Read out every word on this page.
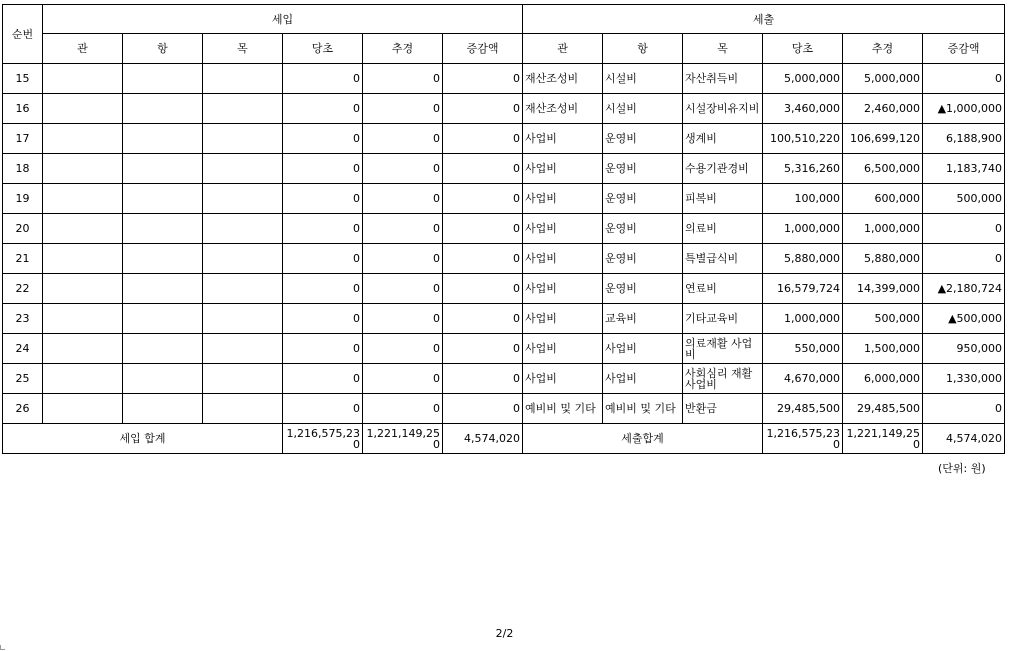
순번	세입						세출					
	관	항	목	당초	추경	증감액	관	항	목	당초	추경	증감액
15				0	0	0	재산조성비	시설비	자산취득비	5,000,000	5,000,000	0
16				0	0	0	재산조성비	시설비	시설장비유지비	3,460,000	2,460,000	▲1,000,000
17				0	0	0	사업비	운영비	생계비	100,510,220	106,699,120	6,188,900
18				0	0	0	사업비	운영비	수용기관경비	5,316,260	6,500,000	1,183,740
19				0	0	0	사업비	운영비	피복비	100,000	600,000	500,000
20				0	0	0	사업비	운영비	의료비	1,000,000	1,000,000	0
21				0	0	0	사업비	운영비	특별급식비	5,880,000	5,880,000	0
22				0	0	0	사업비	운영비	연료비	16,579,724	14,399,000	▲2,180,724
23				0	0	0	사업비	교육비	기타교육비	1,000,000	500,000	▲500,000
24				0	0	0	사업비	사업비	의료재활 사업비	550,000	1,500,000	950,000
25				0	0	0	사업비	사업비	사회심리 재활 사업비	4,670,000	6,000,000	1,330,000
26				0	0	0	예비비 및 기타	예비비 및 기타	반환금	29,485,500	29,485,500	0
세입 합계				1,216,575,230	1,221,149,250	4,574,020	세출합계			1,216,575,230	1,221,149,250	4,574,020
(단위: 원)
2/2
